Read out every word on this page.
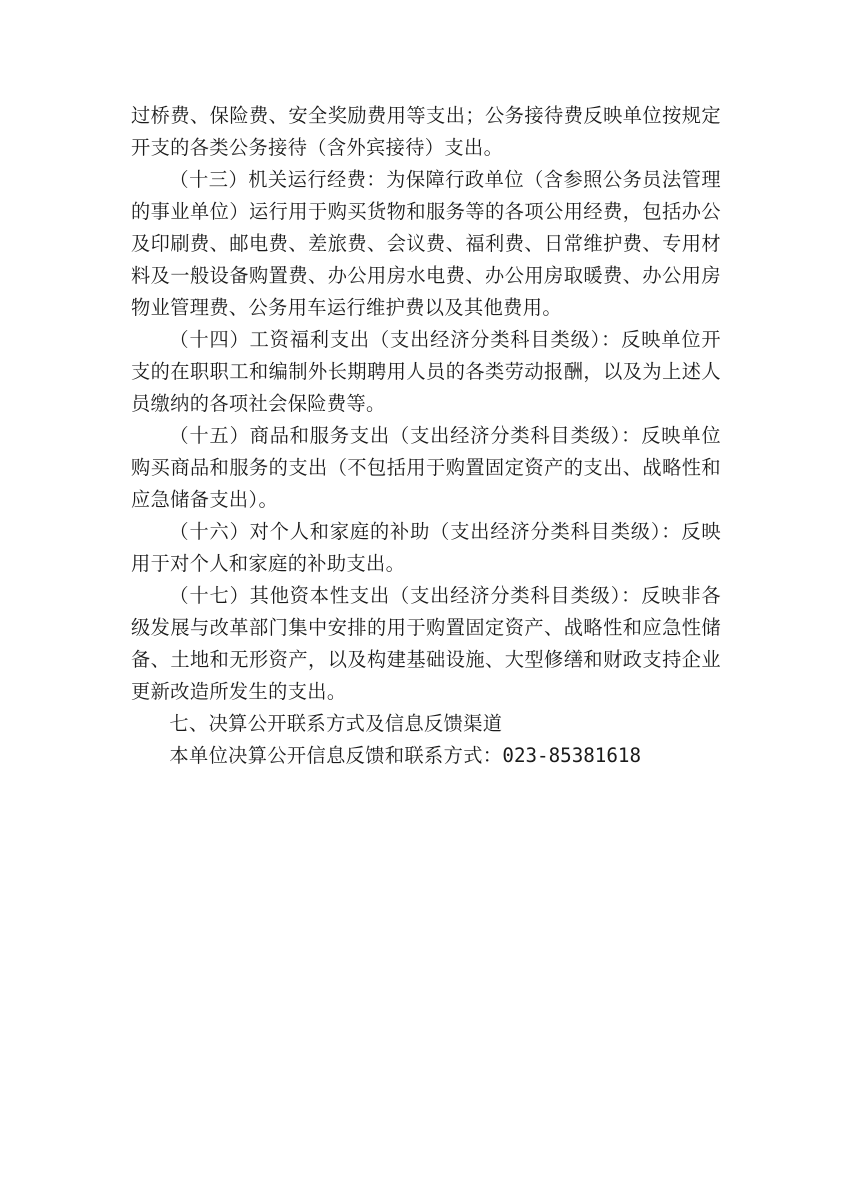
过桥费、保险费、安全奖励费用等支出；公务接待费反映单位按规定开支的各类公务接待（含外宾接待）支出。

（十三）机关运行经费：为保障行政单位（含参照公务员法管理的事业单位）运行用于购买货物和服务等的各项公用经费，包括办公及印刷费、邮电费、差旅费、会议费、福利费、日常维护费、专用材料及一般设备购置费、办公用房水电费、办公用房取暖费、办公用房物业管理费、公务用车运行维护费以及其他费用。

（十四）工资福利支出（支出经济分类科目类级）：反映单位开支的在职职工和编制外长期聘用人员的各类劳动报酬，以及为上述人员缴纳的各项社会保险费等。

（十五）商品和服务支出（支出经济分类科目类级）：反映单位购买商品和服务的支出（不包括用于购置固定资产的支出、战略性和应急储备支出）。

（十六）对个人和家庭的补助（支出经济分类科目类级）：反映用于对个人和家庭的补助支出。

（十七）其他资本性支出（支出经济分类科目类级）：反映非各级发展与改革部门集中安排的用于购置固定资产、战略性和应急性储备、土地和无形资产，以及构建基础设施、大型修缮和财政支持企业更新改造所发生的支出。

七、决算公开联系方式及信息反馈渠道

本单位决算公开信息反馈和联系方式：023-85381618
